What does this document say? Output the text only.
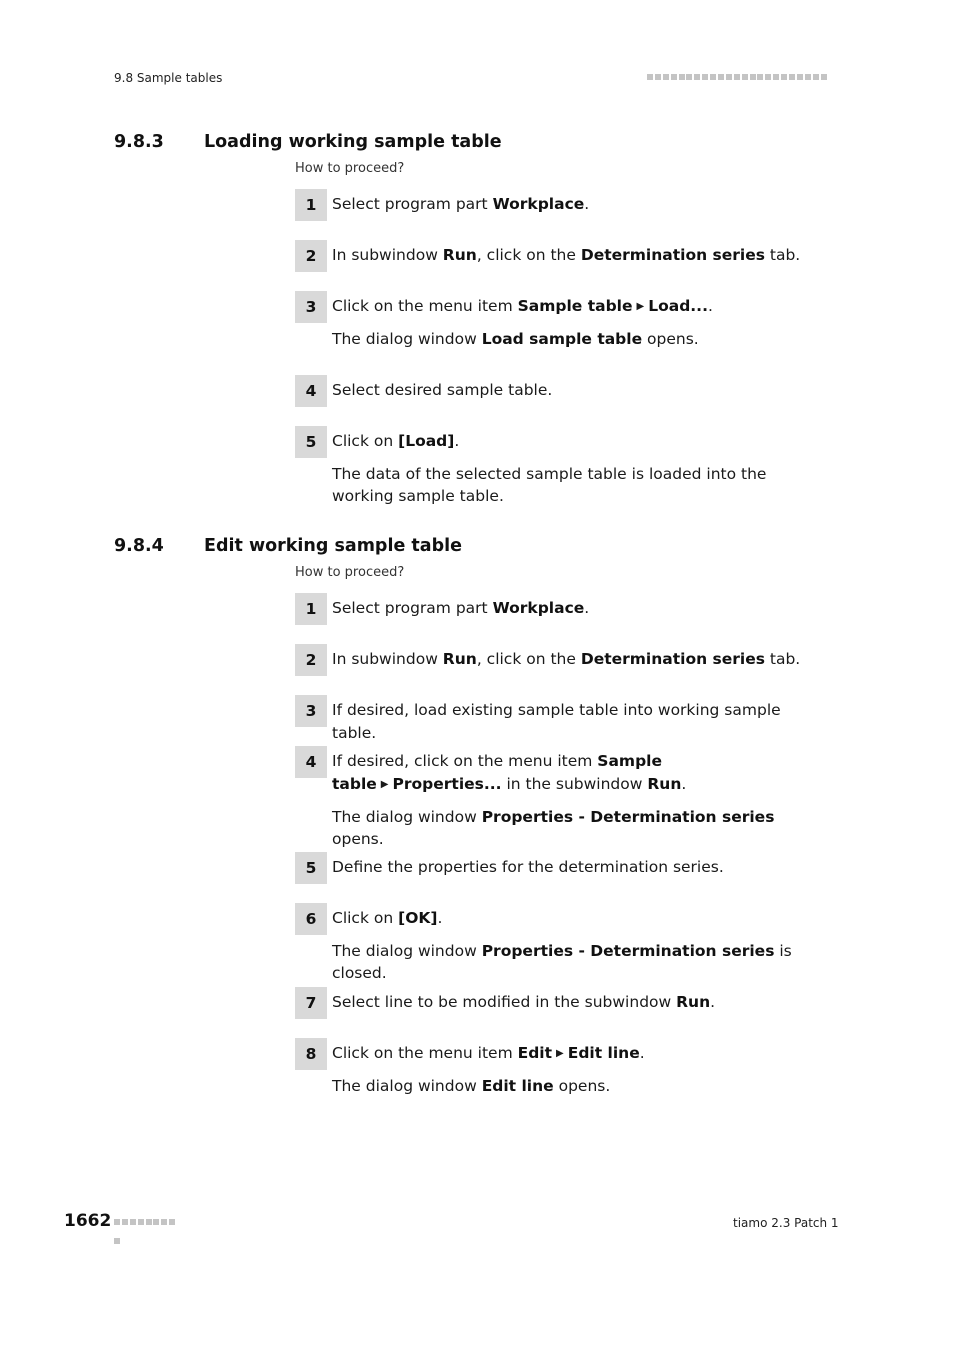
9.8 Sample tables
9.8.3 Loading working sample table
How to proceed?
1	Select program part Workplace.
2	In subwindow Run, click on the Determination series tab.
3	Click on the menu item Sample table ▶ Load....
The dialog window Load sample table opens.
4	Select desired sample table.
5	Click on [Load].
The data of the selected sample table is loaded into the working sample table.
9.8.4 Edit working sample table
How to proceed?
1	Select program part Workplace.
2	In subwindow Run, click on the Determination series tab.
3	If desired, load existing sample table into working sample table.
4	If desired, click on the menu item Sample table ▶ Properties... in the subwindow Run.
The dialog window Properties - Determination series opens.
5	Define the properties for the determination series.
6	Click on [OK].
The dialog window Properties - Determination series is closed.
7	Select line to be modified in the subwindow Run.
8	Click on the menu item Edit ▶ Edit line.
The dialog window Edit line opens.
1662	tiamo 2.3 Patch 1
